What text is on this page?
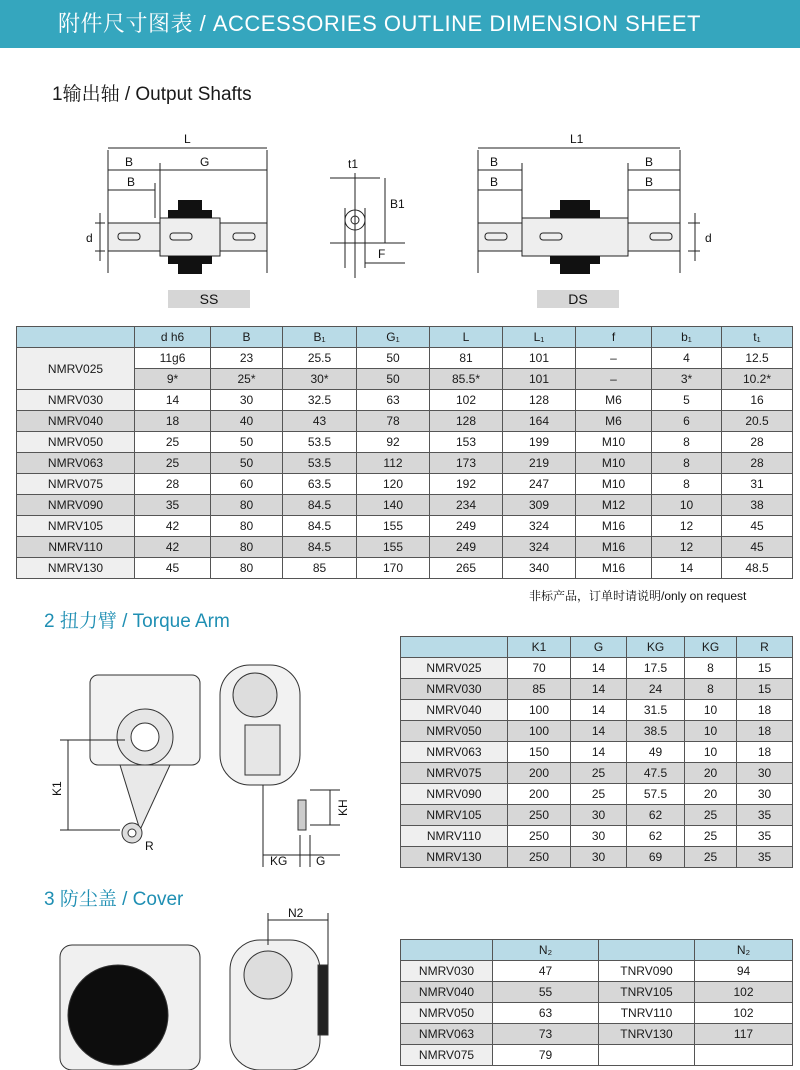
附件尺寸图表 / ACCESSORIES OUTLINE DIMENSION SHEET
1输出轴 / Output Shafts
L
B	G
B
d
t1
B1
F
L1
B
B
B
B
d
SS	DS
	d h6	B	B₁	G₁	L	L₁	f	b₁	t₁
NMRV025	11g6	23	25.5	50	81	101	–	4	12.5
	9*	25*	30*	50	85.5*	101	–	3*	10.2*
NMRV030	14	30	32.5	63	102	128	M6	5	16
NMRV040	18	40	43	78	128	164	M6	6	20.5
NMRV050	25	50	53.5	92	153	199	M10	8	28
NMRV063	25	50	53.5	112	173	219	M10	8	28
NMRV075	28	60	63.5	120	192	247	M10	8	31
NMRV090	35	80	84.5	140	234	309	M12	10	38
NMRV105	42	80	84.5	155	249	324	M16	12	45
NMRV110	42	80	84.5	155	249	324	M16	12	45
NMRV130	45	80	85	170	265	340	M16	14	48.5
非标产品，订单时请说明/only on request
2 扭力臂 / Torque Arm
K1
R
KH
KG G
	K1	G	KG	KG	R
NMRV025	70	14	17.5	8	15
NMRV030	85	14	24	8	15
NMRV040	100	14	31.5	10	18
NMRV050	100	14	38.5	10	18
NMRV063	150	14	49	10	18
NMRV075	200	25	47.5	20	30
NMRV090	200	25	57.5	20	30
NMRV105	250	30	62	25	35
NMRV110	250	30	62	25	35
NMRV130	250	30	69	25	35
3 防尘盖 / Cover
N2
	N₂		N₂
NMRV030	47	TNRV090	94
NMRV040	55	TNRV105	102
NMRV050	63	TNRV110	102
NMRV063	73	TNRV130	117
NMRV075	79		
